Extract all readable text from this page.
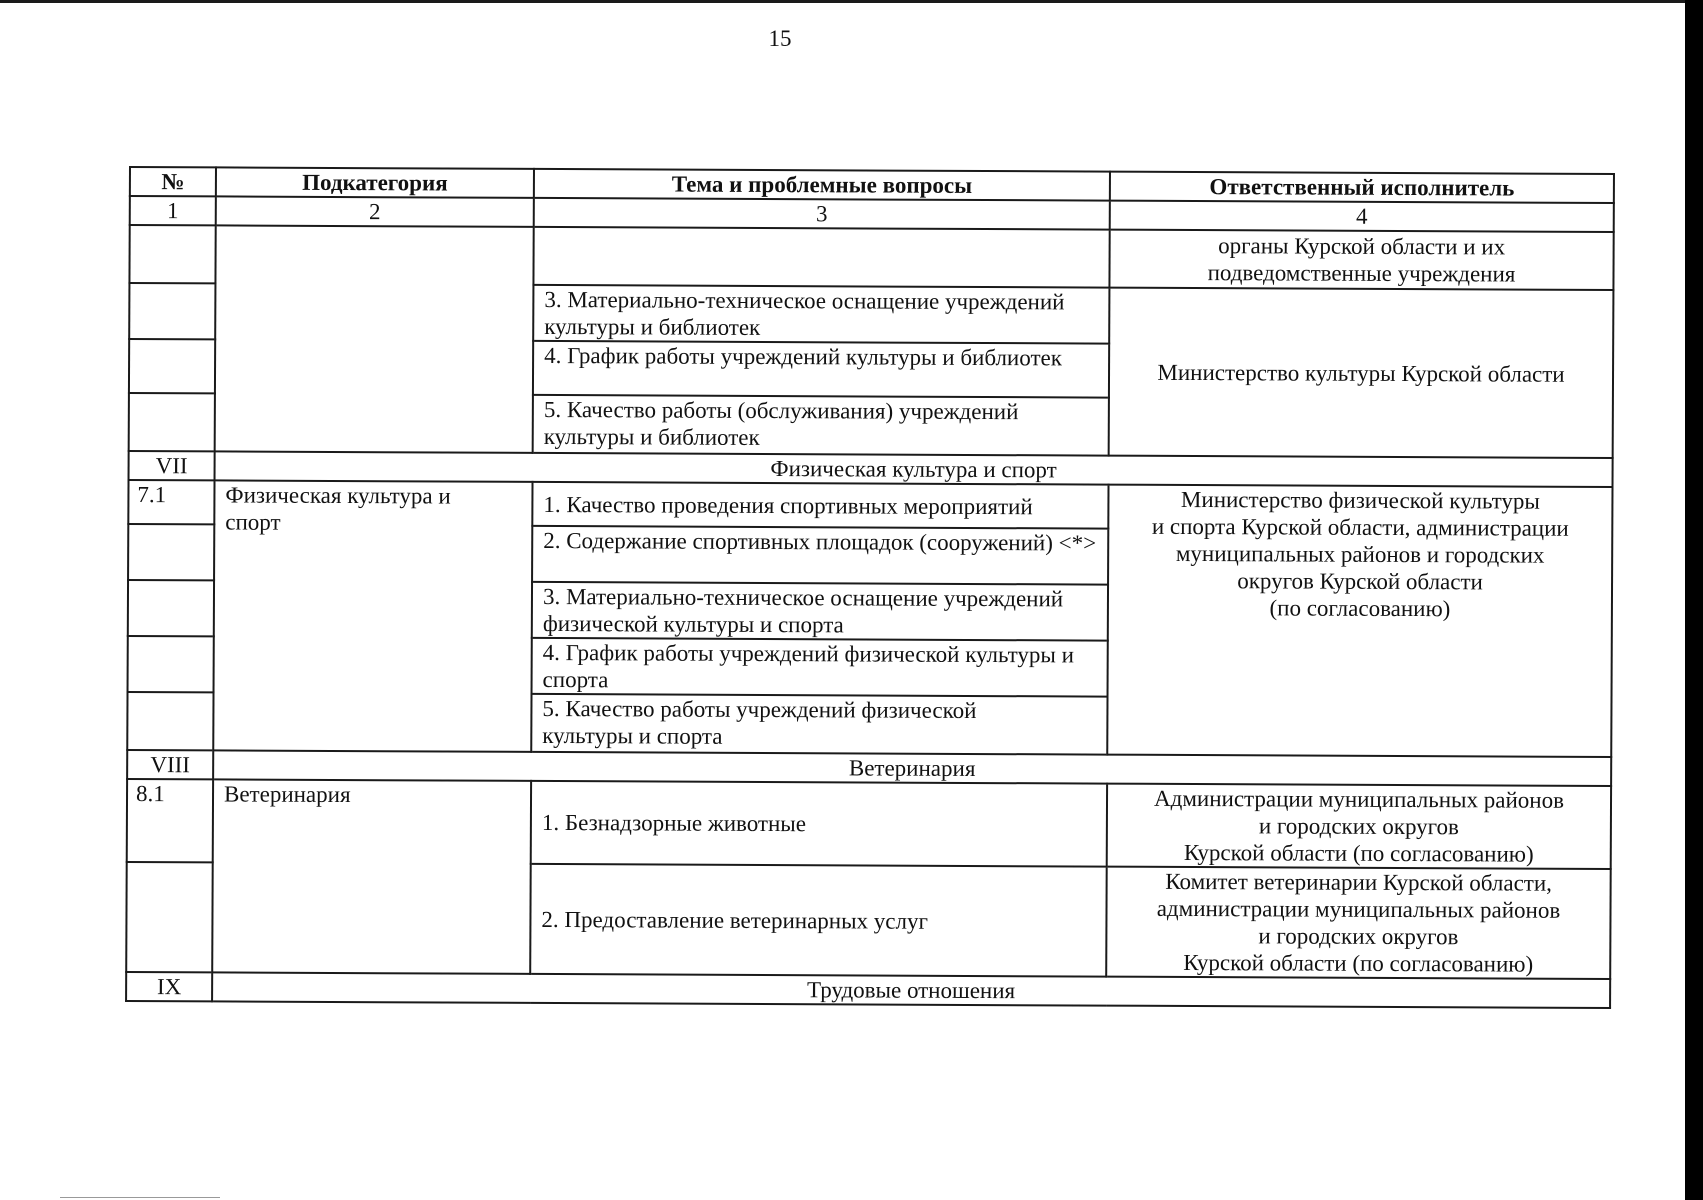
15
№	Подкатегория	Тема и проблемные вопросы	Ответственный исполнитель
1	2	3	4
			органы Курской области и их подведомственные учреждения
		3. Материально-техническое оснащение учреждений культуры и библиотек	Министерство культуры Курской области
		4. График работы учреждений культуры и библиотек	
		5. Качество работы (обслуживания) учреждений культуры и библиотек	
VII	Физическая культура и спорт		
7.1	Физическая культура и спорт	1. Качество проведения спортивных мероприятий	Министерство физической культуры
и спорта Курской области, администрации
муниципальных районов и городских
округов Курской области
(по согласованию)

		2. Содержание спортивных площадок (сооружений) <*>	
		3. Материально-техническое оснащение учреждений физической культуры и спорта	
		4. График работы учреждений физической культуры и спорта	
		5. Качество работы учреждений физической культуры и спорта	
VIII	Ветеринария		
8.1	Ветеринария	1. Безнадзорные животные	Администрации муниципальных районов
и городских округов
Курской области (по согласованию)

		2. Предоставление ветеринарных услуг	Комитет ветеринарии Курской области,
администрации муниципальных районов
и городских округов
Курской области (по согласованию)

IX	Трудовые отношения		
